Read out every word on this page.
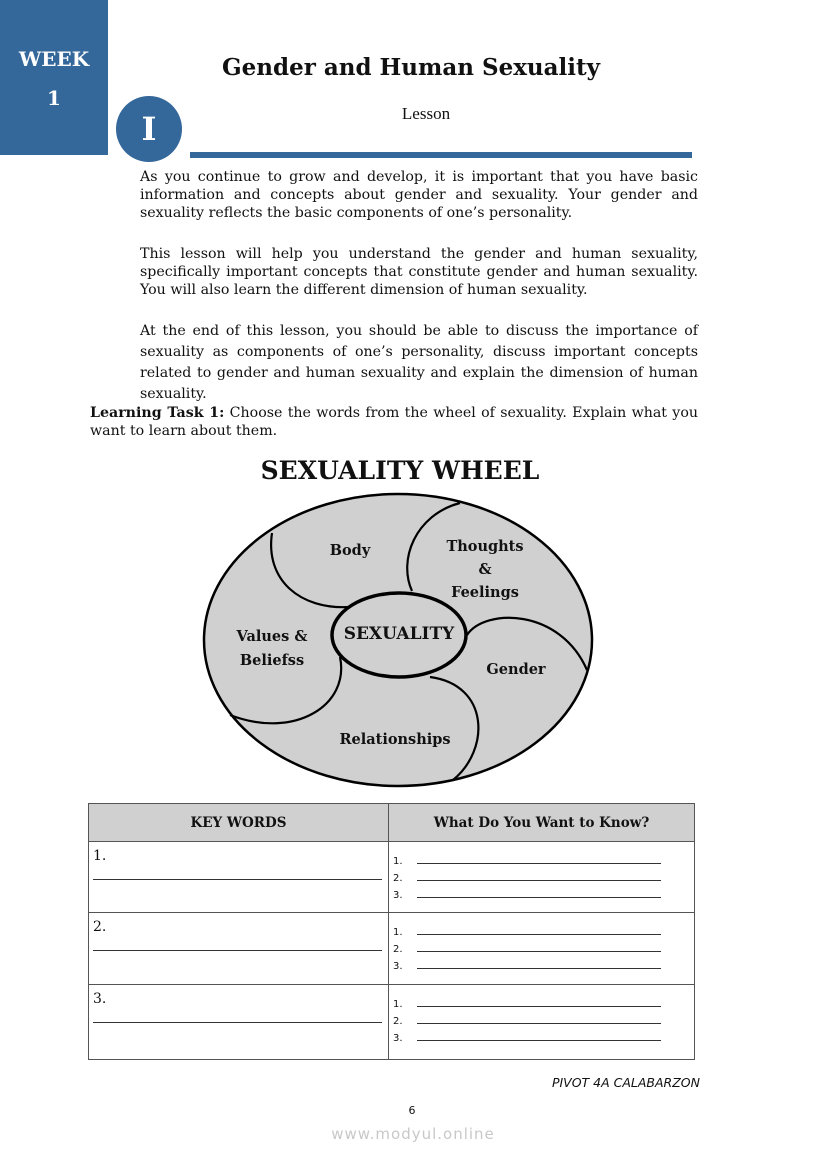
WEEK
1
I
Gender and Human Sexuality
Lesson
As you continue to grow and develop, it is important that you have basic information and concepts about gender and sexuality. Your gender and sexuality reflects the basic components of one’s personality.
This lesson will help you understand the gender and human sexuality, specifically important concepts that constitute gender and human sexuality. You will also learn the different dimension of human sexuality.
At the end of this lesson, you should be able to discuss the importance of sexuality as components of one’s personality, discuss important concepts related to gender and human sexuality and explain the dimension of human sexuality.
Learning Task 1: Choose the words from the wheel of sexuality. Explain what you want to learn about them.
SEXUALITY WHEEL
Body	Thoughts
&
Feelings
Gender
Relationships
Values &
Beliefss
SEXUALITY
KEY WORDS	What Do You Want to Know?
1.	1.
2.
3.

2.	1.
2.
3.

3.	1.
2.
3.
PIVOT 4A CALABARZON
6
www.modyul.online
